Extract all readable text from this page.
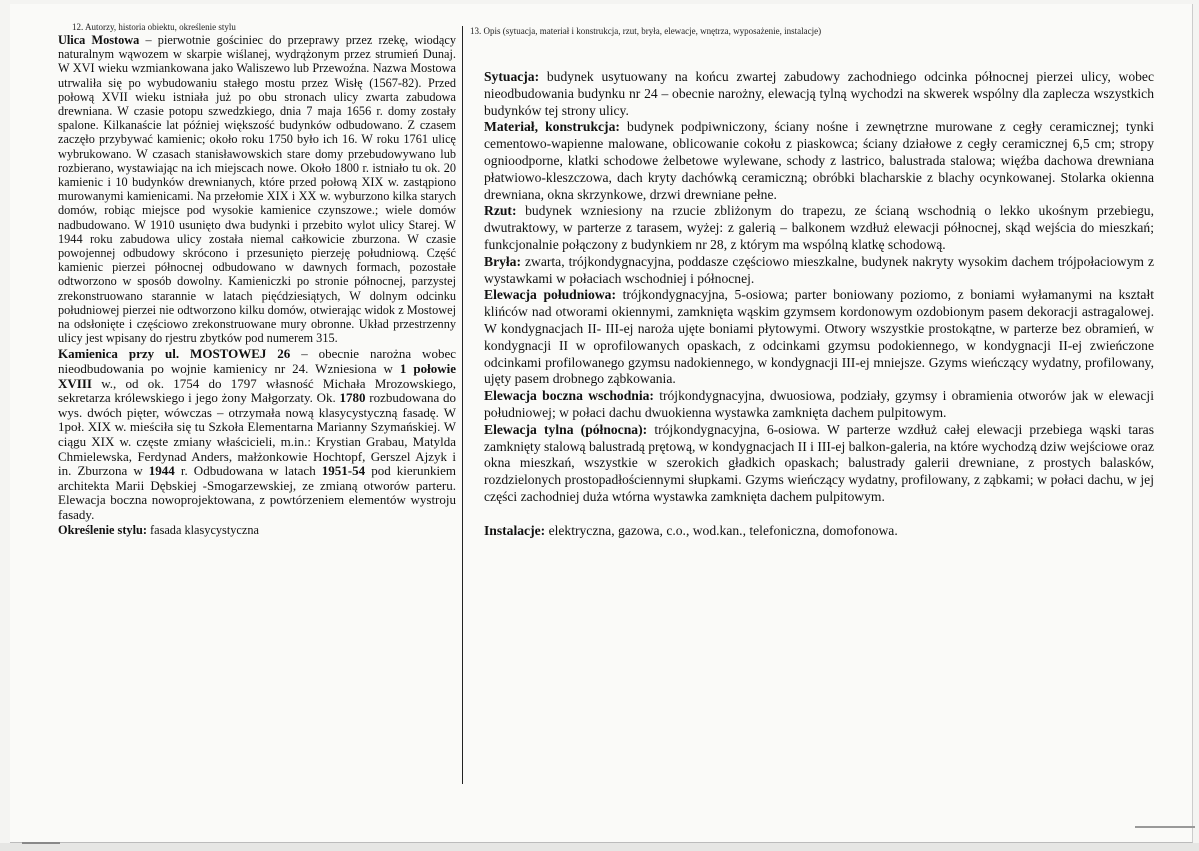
12. Autorzy, historia obiektu, określenie stylu

Ulica Mostowa – pierwotnie gościniec do przeprawy przez rzekę, wiodący naturalnym wąwozem w skarpie wiślanej, wydrążonym przez strumień Dunaj. W XVI wieku wzmiankowana jako Waliszewo lub Przewoźna. Nazwa Mostowa utrwaliła się po wybudowaniu stałego mostu przez Wisłę (1567-82). Przed połową XVII wieku istniała już po obu stronach ulicy zwarta zabudowa drewniana. W czasie potopu szwedzkiego, dnia 7 maja 1656 r. domy zostały spalone. Kilkanaście lat później większość budynków odbudowano. Z czasem zaczęło przybywać kamienic; około roku 1750 było ich 16. W roku 1761 ulicę wybrukowano. W czasach stanisławowskich stare domy przebudowywano lub rozbierano, wystawiając na ich miejscach nowe. Około 1800 r. istniało tu ok. 20 kamienic i 10 budynków drewnianych, które przed połową XIX w. zastąpiono murowanymi kamienicami. Na przełomie XIX i XX w. wyburzono kilka starych domów, robiąc miejsce pod wysokie kamienice czynszowe.; wiele domów nadbudowano. W 1910 usunięto dwa budynki i przebito wylot ulicy Starej. W 1944 roku zabudowa ulicy została niemal całkowicie zburzona. W czasie powojennej odbudowy skrócono i przesunięto pierzeję południową. Część kamienic pierzei północnej odbudowano w dawnych formach, pozostałe odtworzono w sposób dowolny. Kamieniczki po stronie północnej, parzystej zrekonstruowano starannie w latach pięćdziesiątych, W dolnym odcinku południowej pierzei nie odtworzono kilku domów, otwierając widok z Mostowej na odsłonięte i częściowo zrekonstruowane mury obronne. Układ przestrzenny ulicy jest wpisany do rjestru zbytków pod numerem 315.

Kamienica przy ul. MOSTOWEJ 26 – obecnie narożna wobec nieodbudowania po wojnie kamienicy nr 24. Wzniesiona w 1 połowie XVIII w., od ok. 1754 do 1797 własność Michała Mrozowskiego, sekretarza królewskiego i jego żony Małgorzaty. Ok. 1780 rozbudowana do wys. dwóch pięter, wówczas – otrzymała nową klasycystyczną fasadę. W 1poł. XIX w. mieściła się tu Szkoła Elementarna Marianny Szymańskiej. W ciągu XIX w. częste zmiany właścicieli, m.in.: Krystian Grabau, Matylda Chmielewska, Ferdynad Anders, małżonkowie Hochtopf, Gerszel Ajzyk i in. Zburzona w 1944 r. Odbudowana w latach 1951-54 pod kierunkiem architekta Marii Dębskiej -Smogarzewskiej, ze zmianą otworów parteru. Elewacja boczna nowoprojektowana, z powtórzeniem elementów wystroju fasady.

Określenie stylu: fasada klasycystyczna

13. Opis (sytuacja, materiał i konstrukcja, rzut, bryła, elewacje, wnętrza, wyposażenie, instalacje)

Sytuacja: budynek usytuowany na końcu zwartej zabudowy zachodniego odcinka północnej pierzei ulicy, wobec nieodbudowania budynku nr 24 – obecnie narożny, elewacją tylną wychodzi na skwerek wspólny dla zaplecza wszystkich budynków tej strony ulicy.

Materiał, konstrukcja: budynek podpiwniczony, ściany nośne i zewnętrzne murowane z cegły ceramicznej; tynki cementowo-wapienne malowane, oblicowanie cokołu z piaskowca; ściany działowe z cegły ceramicznej 6,5 cm; stropy ognioodporne, klatki schodowe żelbetowe wylewane, schody z lastrico, balustrada stalowa; więźba dachowa drewniana płatwiowo-kleszczowa, dach kryty dachówką ceramiczną; obróbki blacharskie z blachy ocynkowanej. Stolarka okienna drewniana, okna skrzynkowe, drzwi drewniane pełne.

Rzut: budynek wzniesiony na rzucie zbliżonym do trapezu, ze ścianą wschodnią o lekko ukośnym przebiegu, dwutraktowy, w parterze z tarasem, wyżej: z galerią – balkonem wzdłuż elewacji północnej, skąd wejścia do mieszkań; funkcjonalnie połączony z budynkiem nr 28, z którym ma wspólną klatkę schodową.

Bryła: zwarta, trójkondygnacyjna, poddasze częściowo mieszkalne, budynek nakryty wysokim dachem trójpołaciowym z wystawkami w połaciach wschodniej i północnej.

Elewacja południowa: trójkondygnacyjna, 5-osiowa; parter boniowany poziomo, z boniami wyłamanymi na kształt klińców nad otworami okiennymi, zamknięta wąskim gzymsem kordonowym ozdobionym pasem dekoracji astragalowej. W kondygnacjach II- III-ej naroża ujęte boniami płytowymi. Otwory wszystkie prostokątne, w parterze bez obramień, w kondygnacji II w oprofilowanych opaskach, z odcinkami gzymsu podokiennego, w kondygnacji II-ej zwieńczone odcinkami profilowanego gzymsu nadokiennego, w kondygnacji III-ej mniejsze. Gzyms wieńczący wydatny, profilowany, ujęty pasem drobnego ząbkowania.

Elewacja boczna wschodnia: trójkondygnacyjna, dwuosiowa, podziały, gzymsy i obramienia otworów jak w elewacji południowej; w połaci dachu dwuokienna wystawka zamknięta dachem pulpitowym.

Elewacja tylna (północna): trójkondygnacyjna, 6-osiowa. W parterze wzdłuż całej elewacji przebiega wąski taras zamknięty stalową balustradą prętową, w kondygnacjach II i III-ej balkon-galeria, na które wychodzą dziw wejściowe oraz okna mieszkań, wszystkie w szerokich gładkich opaskach; balustrady galerii drewniane, z prostych balasków, rozdzielonych prostopadłościennymi słupkami. Gzyms wieńczący wydatny, profilowany, z ząbkami; w połaci dachu, w jej części zachodniej duża wtórna wystawka zamknięta dachem pulpitowym.

Instalacje: elektryczna, gazowa, c.o., wod.kan., telefoniczna, domofonowa.
